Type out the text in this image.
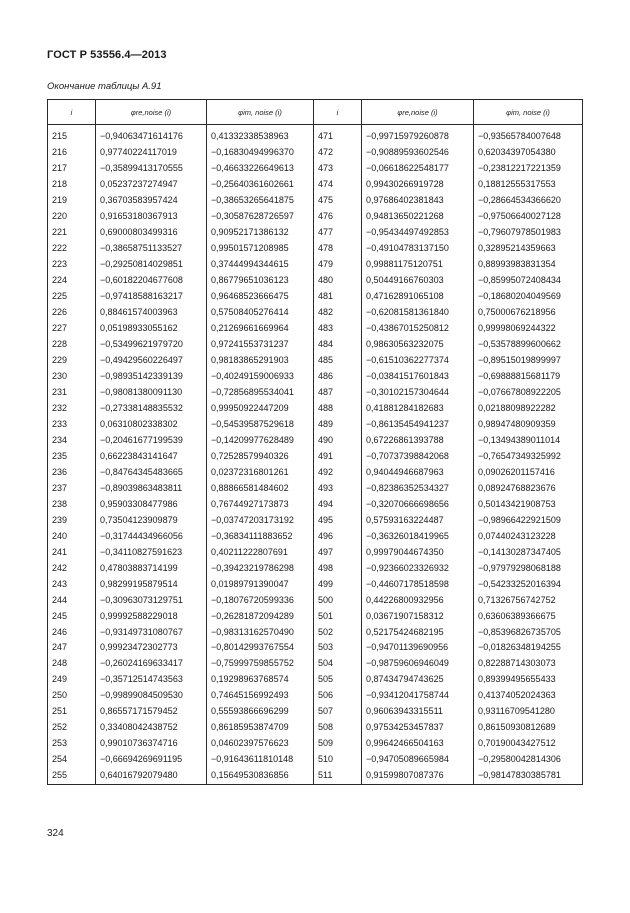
ГОСТ Р 53556.4—2013
Окончание таблицы А.91
i	φre,noise (i)	φim, noise (i)	i	φre,noise (i)	φim, noise (i)

215	−0,94063471614176	0,41332338538963	471	−0,99715979260878	−0,93565784007648
216	0,97740224117019	−0,16830494996370	472	−0,90889593602546	0,62034397054380
217	−0,35899413170555	−0,46633226649613	473	−0,06618622548177	−0,23812217221359
218	0,05237237274947	−0,25640361602661	474	0,99430266919728	0,18812555317553
219	0,36703583957424	−0,38653265641875	475	0,97686402381843	−0,28664534366620
220	0,91653180367913	−0,30587628726597	476	0,94813650221268	−0,97506640027128
221	0,69000803499316	0,90952171386132	477	−0,95434497492853	−0,79607978501983
222	−0,38658751133527	0,99501571208985	478	−0,49104783137150	0,32895214359663
223	−0,29250814029851	0,37444994344615	479	0,99881175120751	0,88993983831354
224	−0,60182204677608	0,86779651036123	480	0,50449166760303	−0,85995072408434
225	−0,97418588163217	0,96468523666475	481	0,47162891065108	−0,18680204049569
226	0,88461574003963	0,57508405276414	482	−0,62081581361840	0,75000676218956
227	0,05198933055162	0,21269661669964	483	−0,43867015250812	0,99998069244322
228	−0,53499621979720	0,97241553731237	484	0,98630563232075	−0,53578899600662
229	−0,49429560226497	0,98183865291903	485	−0,61510362277374	−0,89515019899997
230	−0,98935142339139	−0,40249159006933	486	−0,03841517601843	−0,69888815681179
231	−0,98081380091130	−0,72856895534041	487	−0,30102157304644	−0,07667808922205
232	−0,27338148835532	0,99950922447209	488	0,41881284182683	0,02188098922282
233	0,06310802338302	−0,54539587529618	489	−0,86135454941237	0,98947480909359
234	−0,20461677199539	−0,14209977628489	490	0,67226861393788	−0,13494389011014
235	0,66223843141647	0,72528579940326	491	−0,70737398842068	−0,76547349325992
236	−0,84764345483665	0,02372316801261	492	0,94044946687963	0,09026201157416
237	−0,89039863483811	0,88866581484602	493	−0,82386352534327	0,08924768823676
238	0,95903308477986	0,76744927173873	494	−0,32070666698656	0,50143421908753
239	0,73504123909879	−0,03747203173192	495	0,57593163224487	−0,98966422921509
240	−0,31744434966056	−0,36834111883652	496	−0,36326018419965	0,07440243123228
241	−0,34110827591623	0,40211222807691	497	0,99979044674350	−0,14130287347405
242	0,47803883714199	−0,39423219786298	498	−0,92366023326932	−0,97979298068188
243	0,98299195879514	0,01989791390047	499	−0,44607178518598	−0,54233252016394
244	−0,30963073129751	−0,18076720599336	500	0,44226800932956	0,71326756742752
245	0,99992588229018	−0,26281872094289	501	0,03671907158312	0,63606389366675
246	−0,93149731080767	−0,98313162570490	502	0,52175424682195	−0,85396826735705
247	0,99923472302773	−0,80142993767554	503	−0,94701139690956	−0,01826348194255
248	−0,26024169633417	−0,75999759855752	504	−0,98759606946049	0,82288714303073
249	−0,35712514743563	0,19298963768574	505	0,87434794743625	0,89399495655433
250	−0,99899084509530	0,74645156992493	506	−0,93412041758744	0,41374052024363
251	0,86557171579452	0,55593866696299	507	0,96063943315511	0,93116709541280
252	0,33408042438752	0,86185953874709	508	0,97534253457837	0,86150930812689
253	0,99010736374716	0,04602397576623	509	0,99642466504163	0,70190043427512
254	−0,66694269691195	−0,91643611810148	510	−0,94705089665984	−0,29580042814306
255	0,64016792079480	0,15649530836856	511	0,91599807087376	−0,98147830385781
324
